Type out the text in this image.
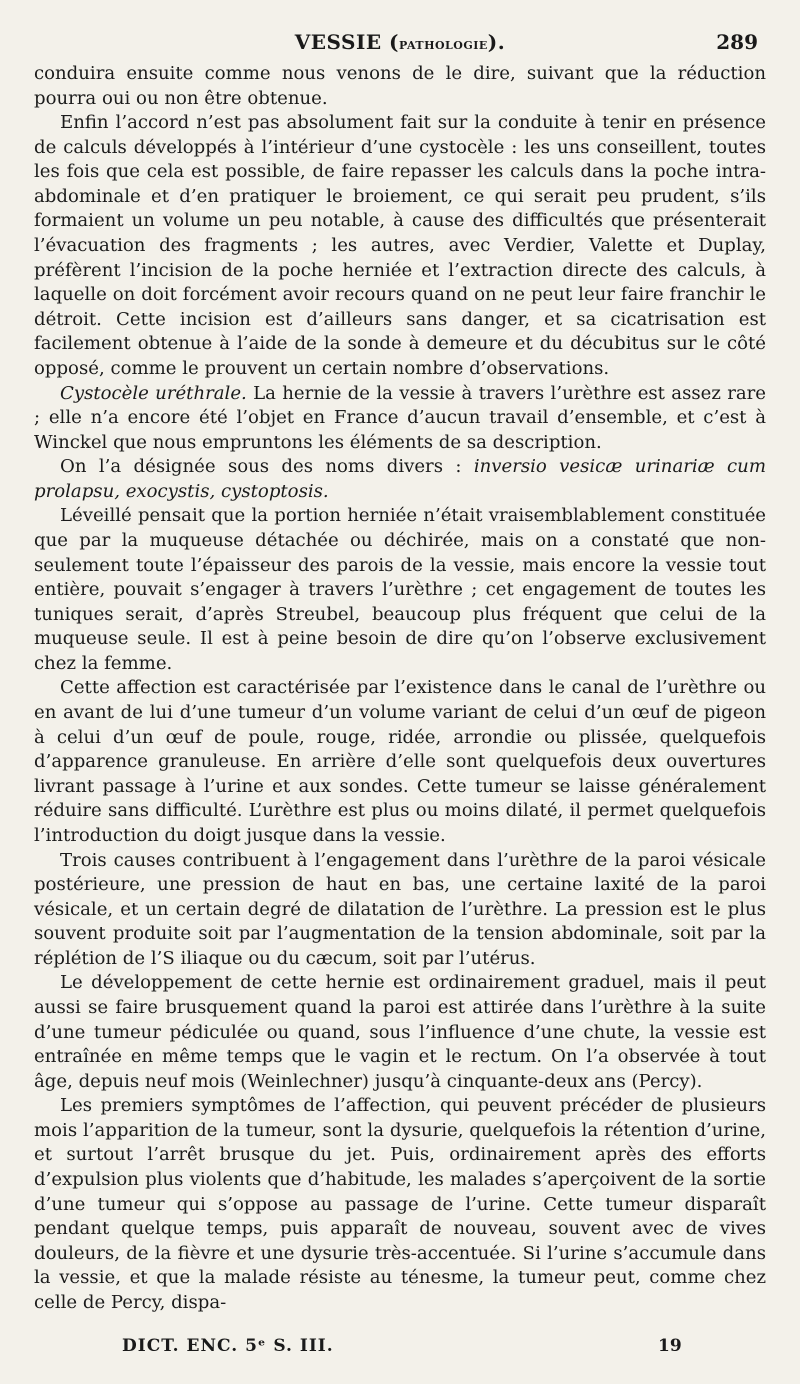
VESSIE (pathologie).	289

conduira ensuite comme nous venons de le dire, suivant que la réduction pourra oui ou non être obtenue.

Enfin l’accord n’est pas absolument fait sur la conduite à tenir en présence de calculs développés à l’intérieur d’une cystocèle : les uns conseillent, toutes les fois que cela est possible, de faire repasser les calculs dans la poche intra-abdominale et d’en pratiquer le broiement, ce qui serait peu prudent, s’ils formaient un volume un peu notable, à cause des difficultés que présenterait l’évacuation des fragments ; les autres, avec Verdier, Valette et Duplay, préfèrent l’incision de la poche herniée et l’extraction directe des calculs, à laquelle on doit forcément avoir recours quand on ne peut leur faire franchir le détroit. Cette incision est d’ailleurs sans danger, et sa cicatrisation est facilement obtenue à l’aide de la sonde à demeure et du décubitus sur le côté opposé, comme le prouvent un certain nombre d’observations.

Cystocèle uréthrale. La hernie de la vessie à travers l’urèthre est assez rare ; elle n’a encore été l’objet en France d’aucun travail d’ensemble, et c’est à Winckel que nous empruntons les éléments de sa description.

On l’a désignée sous des noms divers : inversio vesicæ urinariæ cum prolapsu, exocystis, cystoptosis.

Léveillé pensait que la portion herniée n’était vraisemblablement constituée que par la muqueuse détachée ou déchirée, mais on a constaté que non-seulement toute l’épaisseur des parois de la vessie, mais encore la vessie tout entière, pouvait s’engager à travers l’urèthre ; cet engagement de toutes les tuniques serait, d’après Streubel, beaucoup plus fréquent que celui de la muqueuse seule. Il est à peine besoin de dire qu’on l’observe exclusivement chez la femme.

Cette affection est caractérisée par l’existence dans le canal de l’urèthre ou en avant de lui d’une tumeur d’un volume variant de celui d’un œuf de pigeon à celui d’un œuf de poule, rouge, ridée, arrondie ou plissée, quelquefois d’apparence granuleuse. En arrière d’elle sont quelquefois deux ouvertures livrant passage à l’urine et aux sondes. Cette tumeur se laisse généralement réduire sans difficulté. L’urèthre est plus ou moins dilaté, il permet quelquefois l’introduction du doigt jusque dans la vessie.

Trois causes contribuent à l’engagement dans l’urèthre de la paroi vésicale postérieure, une pression de haut en bas, une certaine laxité de la paroi vésicale, et un certain degré de dilatation de l’urèthre. La pression est le plus souvent produite soit par l’augmentation de la tension abdominale, soit par la réplétion de l’S iliaque ou du cæcum, soit par l’utérus.

Le développement de cette hernie est ordinairement graduel, mais il peut aussi se faire brusquement quand la paroi est attirée dans l’urèthre à la suite d’une tumeur pédiculée ou quand, sous l’influence d’une chute, la vessie est entraînée en même temps que le vagin et le rectum. On l’a observée à tout âge, depuis neuf mois (Weinlechner) jusqu’à cinquante-deux ans (Percy).

Les premiers symptômes de l’affection, qui peuvent précéder de plusieurs mois l’apparition de la tumeur, sont la dysurie, quelquefois la rétention d’urine, et surtout l’arrêt brusque du jet. Puis, ordinairement après des efforts d’expulsion plus violents que d’habitude, les malades s’aperçoivent de la sortie d’une tumeur qui s’oppose au passage de l’urine. Cette tumeur disparaît pendant quelque temps, puis apparaît de nouveau, souvent avec de vives douleurs, de la fièvre et une dysurie très-accentuée. Si l’urine s’accumule dans la vessie, et que la malade résiste au ténesme, la tumeur peut, comme chez celle de Percy, dispa-

DICT. ENC. 5ᵉ S. III.	19
